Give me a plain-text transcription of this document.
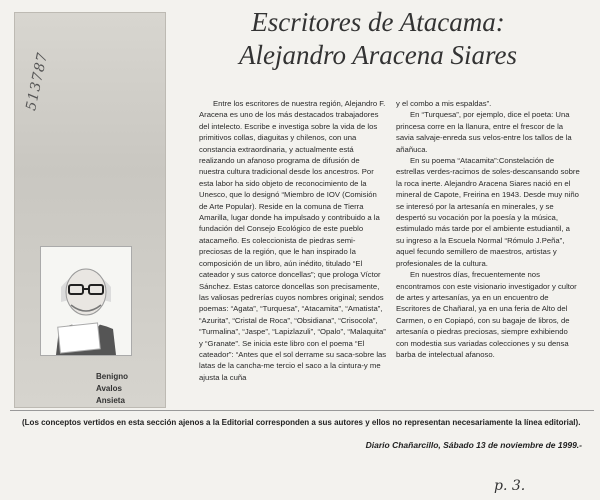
513787
Benigno
Avalos
Ansieta
Escritores de Atacama:
Alejandro Aracena Siares

Entre los escritores de nuestra región, Alejandro F. Aracena es uno de los más destacados trabajadores del intelecto. Escribe e investiga sobre la vida de los primitivos collas, diaguitas y chilenos, con una constancia extraordinaria, y actualmente está realizando un afanoso programa de difusión de nuestra cultura tradicional desde los ancestros. Por esta labor ha sido objeto de reconocimiento de la Unesco, que lo designó “Miembro de IOV (Comisión de Arte Popular). Reside en la comuna de Tierra Amarilla, lugar donde ha impulsado y contribuido a la fundación del Consejo Ecológico de este pueblo atacameño. Es coleccionista de piedras semi-preciosas de la región, que le han inspirado la composición de un libro, aún inédito, titulado “El cateador y sus catorce doncellas”; que prologa Víctor Sánchez. Estas catorce doncellas son precisamente, las valiosas pedrerías cuyos nombres original; sendos poemas: “Agata”, “Turquesa”, “Atacamita”, “Amatista”, “Azurita”, “Cristal de Roca”, “Obsidiana”, “Crisocola”, “Turmalina”, “Jaspe”, “Lapizlazuli”, “Opalo”, “Malaquita” y “Granate”. Se inicia este libro con el poema “El cateador”: “Antes que el sol derrame su saca-sobre las latas de la cancha-me tercio el saco a la cintura-y me ajusta la cuña

y el combo a mis espaldas”.

En “Turquesa”, por ejemplo, dice el poeta: Una princesa corre en la llanura, entre el frescor de la savia salvaje-enreda sus velos-entre los tallos de la añañuca.

En su poema “Atacamita”:Constelación de estrellas verdes-racimos de soles-descansando sobre la roca inerte. Alejandro Aracena Siares nació en el mineral de Capote, Freirina en 1943. Desde muy niño se interesó por la artesanía en minerales, y se despertó su vocación por la poesía y la música, estimulado más tarde por el ambiente estudiantil, a su ingreso a la Escuela Normal “Rómulo J.Peña”, aquel fecundo semillero de maestros, artistas y profesionales de la cultura.

En nuestros días, frecuentemente nos encontramos con este visionario investigador y cultor de artes y artesanías, ya en un encuentro de Escritores de Chañaral, ya en una feria de Alto del Carmen, o en Copiapó, con su bagaje de libros, de artesanía o piedras preciosas, siempre exhibiendo con modestia sus variadas colecciones y su densa barba de intelectual afanoso.

(Los conceptos vertidos en esta sección ajenos a la Editorial corresponden a sus autores y ellos no representan necesariamente la línea editorial).
Diario Chañarcillo, Sábado 13 de noviembre de 1999.-
p. 3.
